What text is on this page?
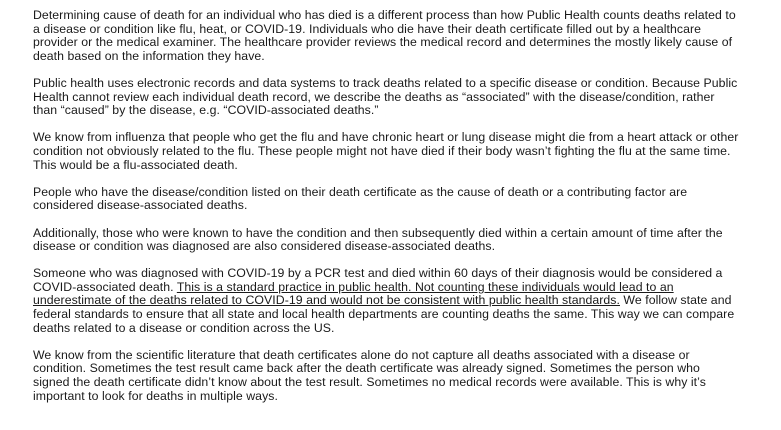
Determining cause of death for an individual who has died is a different process than how Public Health counts deaths related to a disease or condition like flu, heat, or COVID-19. Individuals who die have their death certificate filled out by a healthcare provider or the medical examiner. The healthcare provider reviews the medical record and determines the mostly likely cause of death based on the information they have.

Public health uses electronic records and data systems to track deaths related to a specific disease or condition. Because Public Health cannot review each individual death record, we describe the deaths as “associated” with the disease/condition, rather than “caused” by the disease, e.g. “COVID-associated deaths.”

We know from influenza that people who get the flu and have chronic heart or lung disease might die from a heart attack or other condition not obviously related to the flu. These people might not have died if their body wasn’t fighting the flu at the same time. This would be a flu-associated death.

People who have the disease/condition listed on their death certificate as the cause of death or a contributing factor are considered disease-associated deaths.

Additionally, those who were known to have the condition and then subsequently died within a certain amount of time after the disease or condition was diagnosed are also considered disease-associated deaths.

Someone who was diagnosed with COVID-19 by a PCR test and died within 60 days of their diagnosis would be considered a COVID-associated death. This is a standard practice in public health. Not counting these individuals would lead to an underestimate of the deaths related to COVID-19 and would not be consistent with public health standards. We follow state and federal standards to ensure that all state and local health departments are counting deaths the same. This way we can compare deaths related to a disease or condition across the US.

We know from the scientific literature that death certificates alone do not capture all deaths associated with a disease or condition. Sometimes the test result came back after the death certificate was already signed. Sometimes the person who signed the death certificate didn’t know about the test result. Sometimes no medical records were available. This is why it’s important to look for deaths in multiple ways.
